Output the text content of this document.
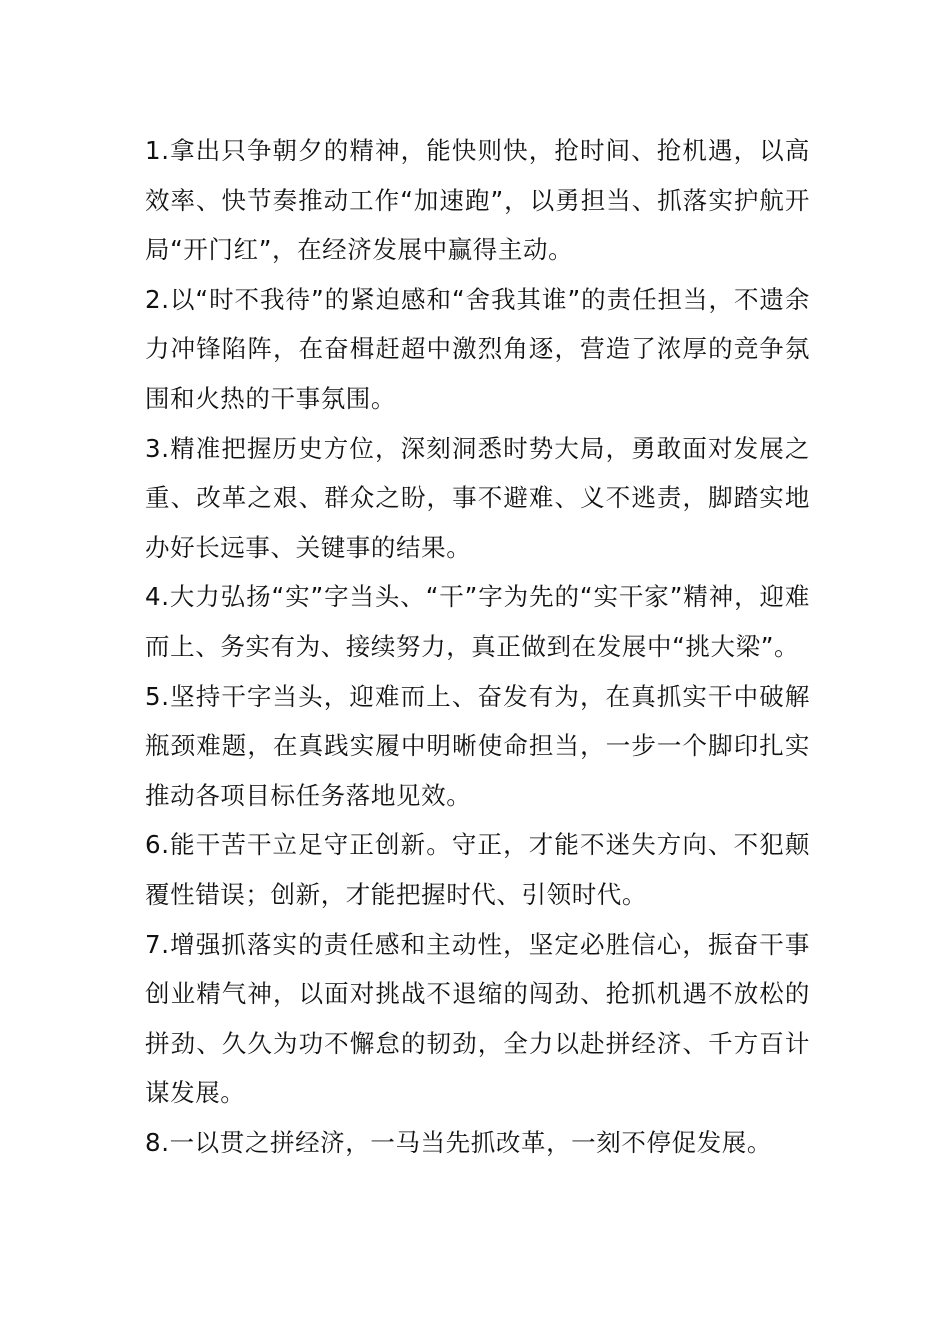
1.拿出只争朝夕的精神，能快则快，抢时间、抢机遇，以高效率、快节奏推动工作“加速跑”，以勇担当、抓落实护航开局“开门红”，在经济发展中赢得主动。

2.以“时不我待”的紧迫感和“舍我其谁”的责任担当，不遗余力冲锋陷阵，在奋楫赶超中激烈角逐，营造了浓厚的竞争氛围和火热的干事氛围。

3.精准把握历史方位，深刻洞悉时势大局，勇敢面对发展之重、改革之艰、群众之盼，事不避难、义不逃责，脚踏实地办好长远事、关键事的结果。

4.大力弘扬“实”字当头、“干”字为先的“实干家”精神，迎难而上、务实有为、接续努力，真正做到在发展中“挑大梁”。

5.坚持干字当头，迎难而上、奋发有为，在真抓实干中破解瓶颈难题，在真践实履中明晰使命担当，一步一个脚印扎实推动各项目标任务落地见效。

6.能干苦干立足守正创新。守正，才能不迷失方向、不犯颠覆性错误；创新，才能把握时代、引领时代。

7.增强抓落实的责任感和主动性，坚定必胜信心，振奋干事创业精气神，以面对挑战不退缩的闯劲、抢抓机遇不放松的拼劲、久久为功不懈怠的韧劲，全力以赴拼经济、千方百计谋发展。

8.一以贯之拼经济，一马当先抓改革，一刻不停促发展。
